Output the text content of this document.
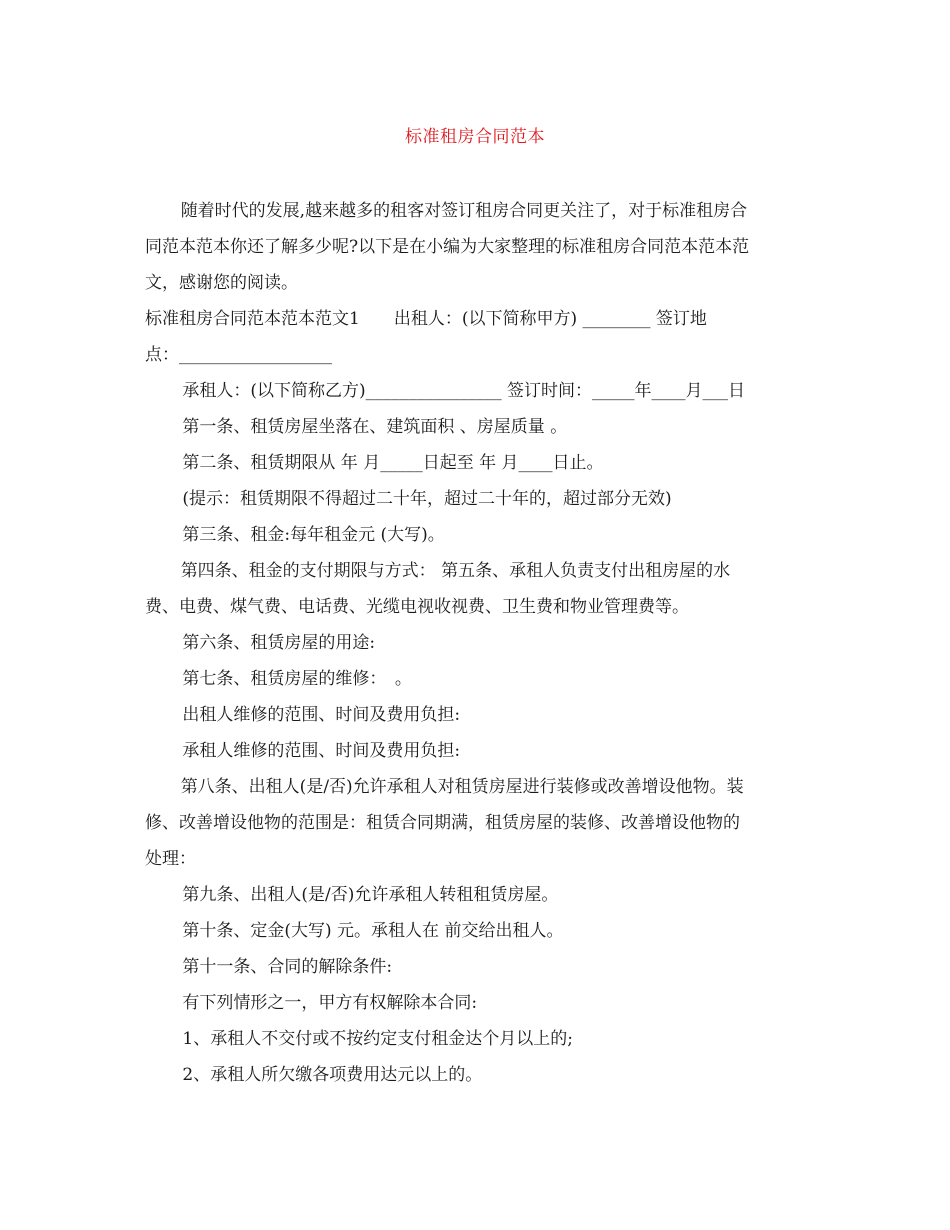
标准租房合同范本

随着时代的发展,越来越多的租客对签订租房合同更关注了，对于标准租房合
同范本范本你还了解多少呢?以下是在小编为大家整理的标准租房合同范本范本范
文，感谢您的阅读。

标准租房合同范本范本范文1　　出租人：(以下简称甲方) ________ 签订地
点：__________________

承租人：(以下简称乙方)________________ 签订时间：_____年____月___日

第一条、租赁房屋坐落在、建筑面积 、房屋质量 。

第二条、租赁期限从 年 月_____日起至 年 月____日止。

(提示：租赁期限不得超过二十年，超过二十年的，超过部分无效)

第三条、租金:每年租金元 (大写)。

第四条、租金的支付期限与方式： 第五条、承租人负责支付出租房屋的水
费、电费、煤气费、电话费、光缆电视收视费、卫生费和物业管理费等。

第六条、租赁房屋的用途:

第七条、租赁房屋的维修：　。

出租人维修的范围、时间及费用负担:

承租人维修的范围、时间及费用负担:

第八条、出租人(是/否)允许承租人对租赁房屋进行装修或改善增设他物。装
修、改善增设他物的范围是：租赁合同期满，租赁房屋的装修、改善增设他物的
处理：

第九条、出租人(是/否)允许承租人转租租赁房屋。

第十条、定金(大写) 元。承租人在 前交给出租人。

第十一条、合同的解除条件:

有下列情形之一，甲方有权解除本合同:

1、承租人不交付或不按约定支付租金达个月以上的;

2、承租人所欠缴各项费用达元以上的。
